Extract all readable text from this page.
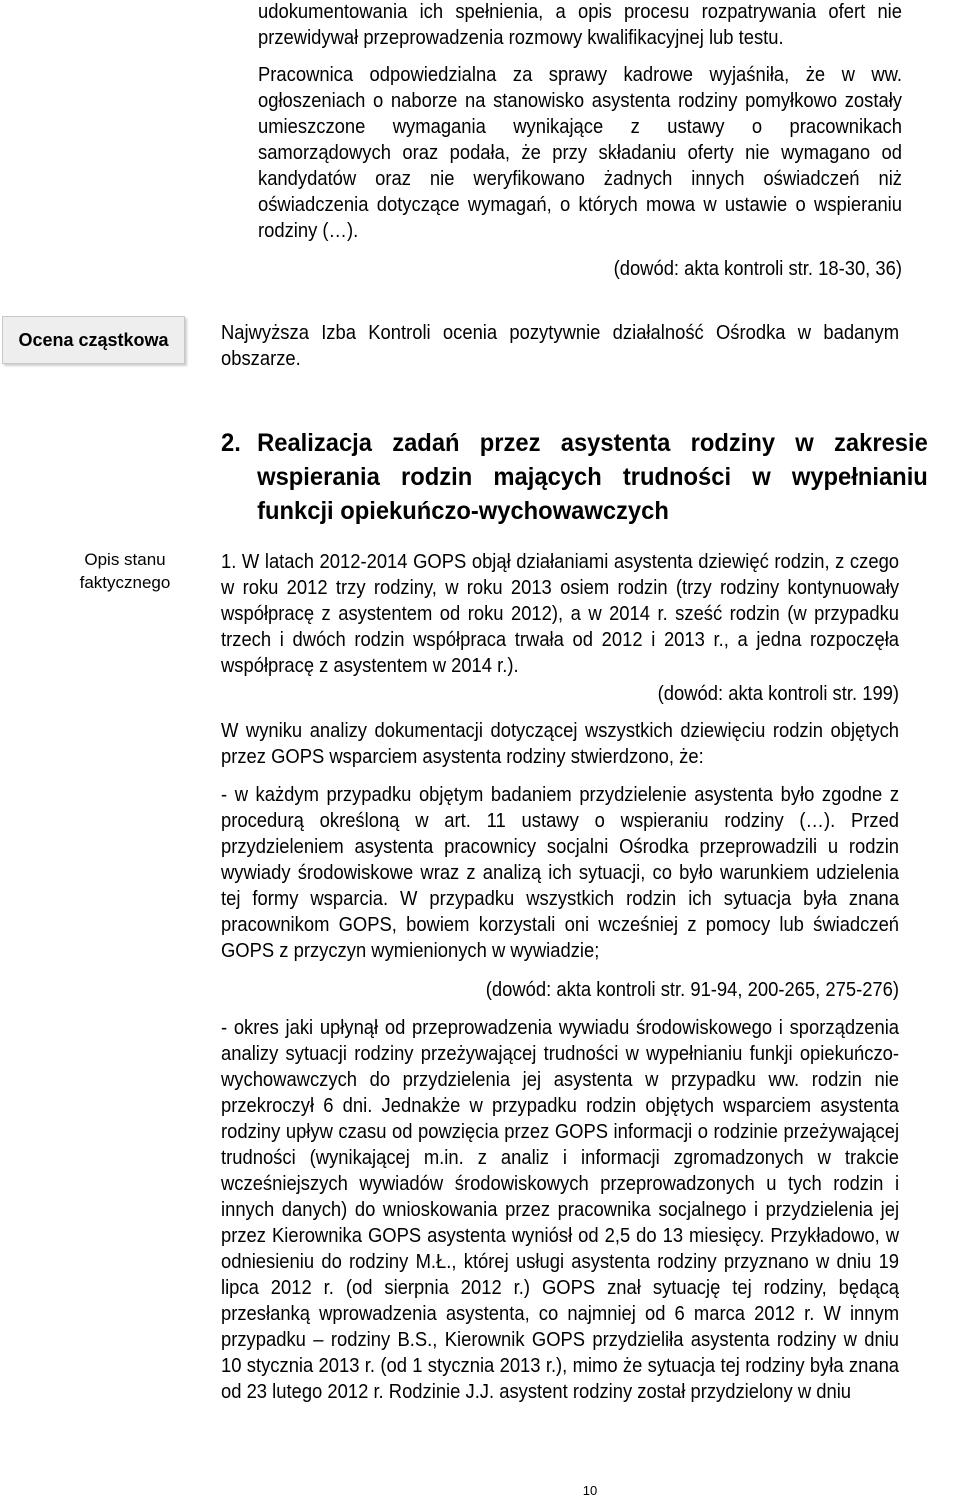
udokumentowania ich spełnienia, a opis procesu rozpatrywania ofert nie przewidywał przeprowadzenia rozmowy kwalifikacyjnej lub testu.

Pracownica odpowiedzialna za sprawy kadrowe wyjaśniła, że w ww. ogłoszeniach o naborze na stanowisko asystenta rodziny pomyłkowo zostały umieszczone wymagania wynikające z ustawy o pracownikach samorządowych oraz podała, że przy składaniu oferty nie wymagano od kandydatów oraz nie weryfikowano żadnych innych oświadczeń niż oświadczenia dotyczące wymagań, o których mowa w ustawie o wspieraniu rodziny (…).

(dowód: akta kontroli str. 18-30, 36)

Ocena cząstkowa	Najwyższa Izba Kontroli ocenia pozytywnie działalność Ośrodka w badanym obszarze.

2. Realizacja zadań przez asystenta rodziny w zakresie wspierania rodzin mających trudności w wypełnianiu funkcji opiekuńczo-wychowawczych
Opis stanu faktycznego

1. W latach 2012-2014 GOPS objął działaniami asystenta dziewięć rodzin, z czego w roku 2012 trzy rodziny, w roku 2013 osiem rodzin (trzy rodziny kontynuowały współpracę z asystentem od roku 2012), a w 2014 r. sześć rodzin (w przypadku trzech i dwóch rodzin współpraca trwała od 2012 i 2013 r., a jedna rozpoczęła współpracę z asystentem w 2014 r.).

(dowód: akta kontroli str. 199)

W wyniku analizy dokumentacji dotyczącej wszystkich dziewięciu rodzin objętych przez GOPS wsparciem asystenta rodziny stwierdzono, że:

- w każdym przypadku objętym badaniem przydzielenie asystenta było zgodne z procedurą określoną w art. 11 ustawy o wspieraniu rodziny (…). Przed przydzieleniem asystenta pracownicy socjalni Ośrodka przeprowadzili u rodzin wywiady środowiskowe wraz z analizą ich sytuacji, co było warunkiem udzielenia tej formy wsparcia. W przypadku wszystkich rodzin ich sytuacja była znana pracownikom GOPS, bowiem korzystali oni wcześniej z pomocy lub świadczeń GOPS z przyczyn wymienionych w wywiadzie;

(dowód: akta kontroli str. 91-94, 200-265, 275-276)

- okres jaki upłynął od przeprowadzenia wywiadu środowiskowego i sporządzenia analizy sytuacji rodziny przeżywającej trudności w wypełnianiu funkji opiekuńczo-wychowawczych do przydzielenia jej asystenta w przypadku ww. rodzin nie przekroczył 6 dni. Jednakże w przypadku rodzin objętych wsparciem asystenta rodziny upływ czasu od powzięcia przez GOPS informacji o rodzinie przeżywającej trudności (wynikającej m.in. z analiz i informacji zgromadzonych w trakcie wcześniejszych wywiadów środowiskowych przeprowadzonych u tych rodzin i innych danych) do wnioskowania przez pracownika socjalnego i przydzielenia jej przez Kierownika GOPS asystenta wyniósł od 2,5 do 13 miesięcy. Przykładowo, w odniesieniu do rodziny M.Ł., której usługi asystenta rodziny przyznano w dniu 19 lipca 2012 r. (od sierpnia 2012 r.) GOPS znał sytuację tej rodziny, będącą przesłanką wprowadzenia asystenta, co najmniej od 6 marca 2012 r. W innym przypadku – rodziny B.S., Kierownik GOPS przydzieliła asystenta rodziny w dniu 10 stycznia 2013 r. (od 1 stycznia 2013 r.), mimo że sytuacja tej rodziny była znana od 23 lutego 2012 r. Rodzinie J.J. asystent rodziny został przydzielony w dniu

10
